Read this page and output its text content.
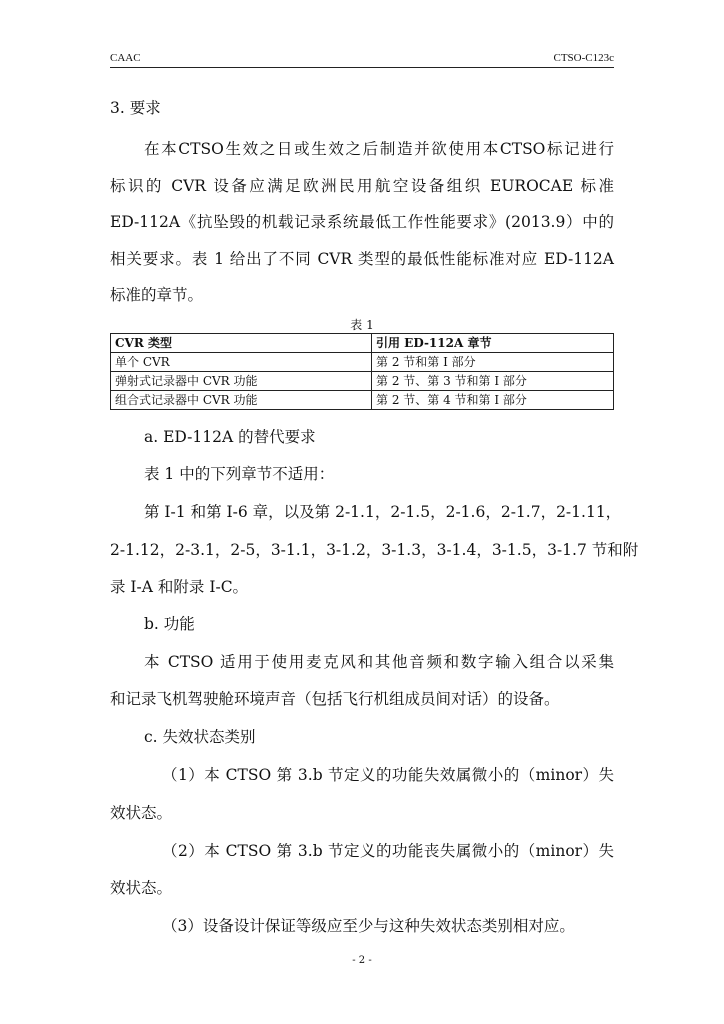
CAAC	CTSO-C123c
3. 要求
在本CTSO生效之日或生效之后制造并欲使用本CTSO标记进行
标识的 CVR 设备应满足欧洲民用航空设备组织 EUROCAE 标准
ED-112A《抗坠毁的机载记录系统最低工作性能要求》(2013.9）中的
相关要求。表 1 给出了不同 CVR 类型的最低性能标准对应 ED-112A
标准的章节。
表 1
CVR 类型	引用 ED-112A 章节
单个 CVR	第 2 节和第 I 部分
弹射式记录器中 CVR 功能	第 2 节、第 3 节和第 I 部分
组合式记录器中 CVR 功能	第 2 节、第 4 节和第 I 部分
a. ED-112A 的替代要求
表 1 中的下列章节不适用：
第 I-1 和第 I-6 章，以及第 2-1.1，2-1.5，2-1.6，2-1.7，2-1.11，
2-1.12，2-3.1，2-5，3-1.1，3-1.2，3-1.3，3-1.4，3-1.5，3-1.7 节和附
录 I-A 和附录 I-C。
b. 功能
本 CTSO 适用于使用麦克风和其他音频和数字输入组合以采集
和记录飞机驾驶舱环境声音（包括飞行机组成员间对话）的设备。
c. 失效状态类别
（1）本 CTSO 第 3.b 节定义的功能失效属微小的（minor）失
效状态。
（2）本 CTSO 第 3.b 节定义的功能丧失属微小的（minor）失
效状态。
（3）设备设计保证等级应至少与这种失效状态类别相对应。
- 2 -
